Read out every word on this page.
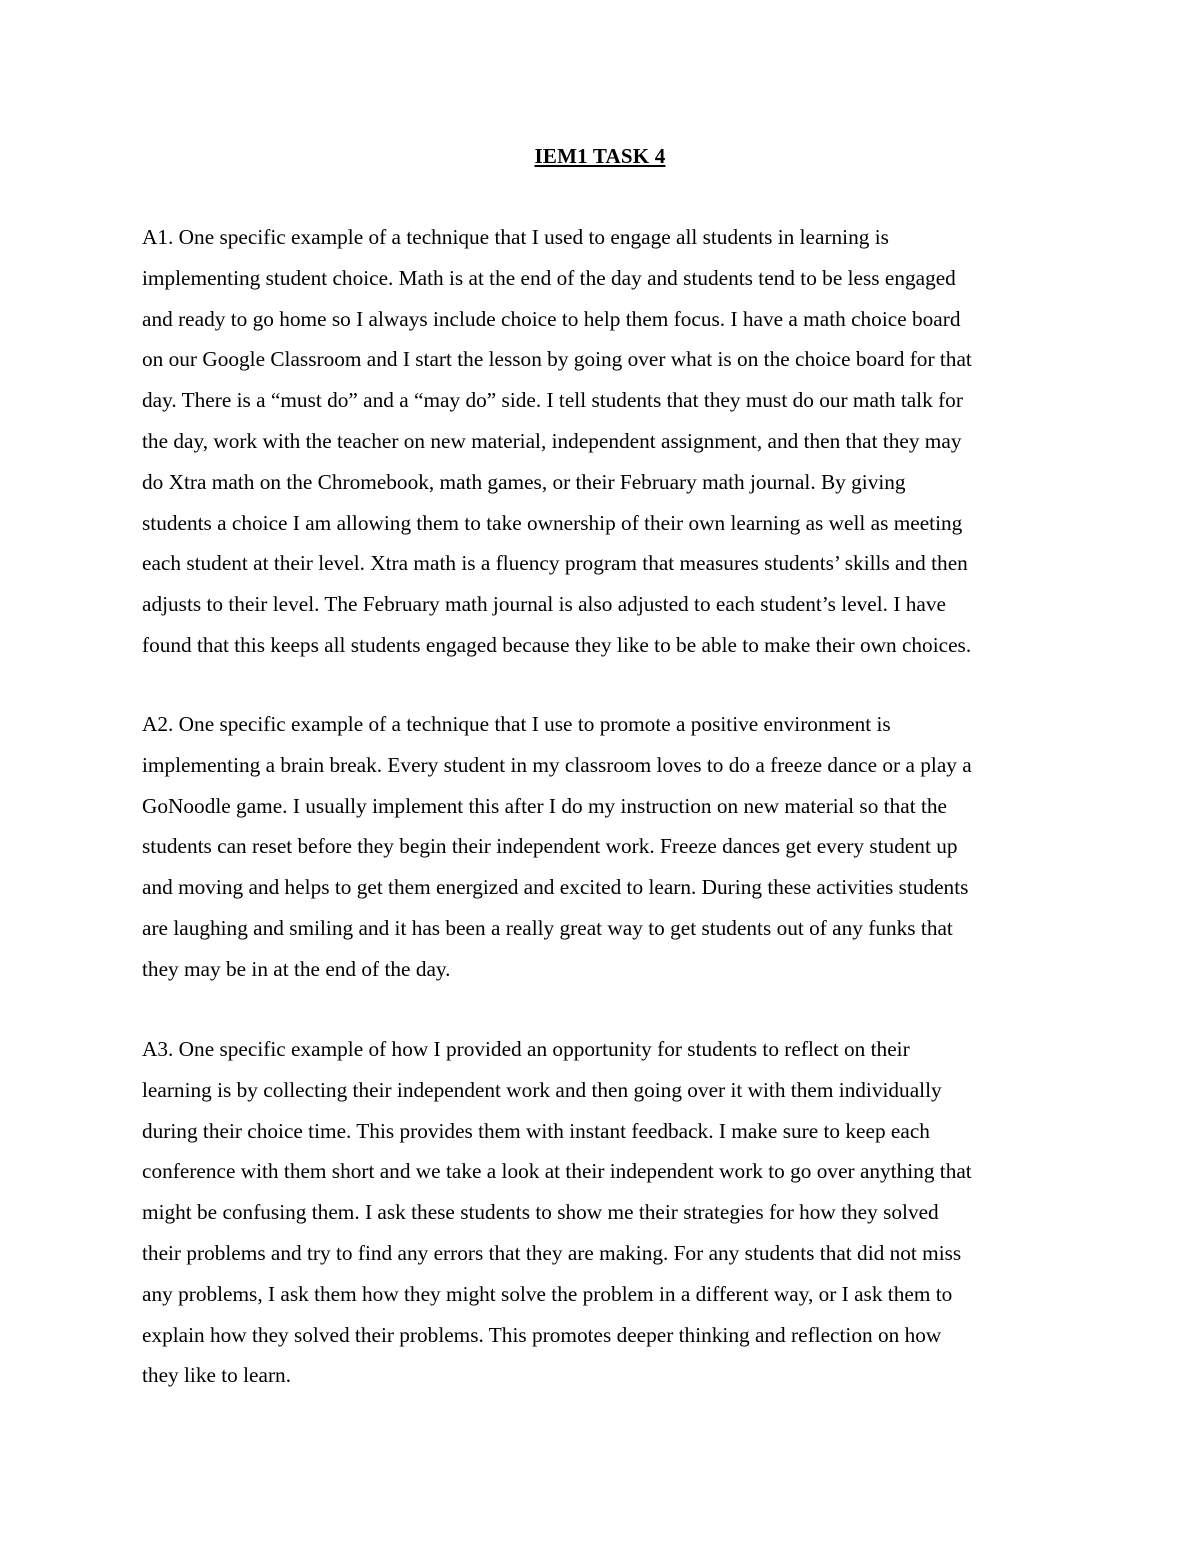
IEM1 TASK 4
A1. One specific example of a technique that I used to engage all students in learning is
implementing student choice. Math is at the end of the day and students tend to be less engaged
and ready to go home so I always include choice to help them focus. I have a math choice board
on our Google Classroom and I start the lesson by going over what is on the choice board for that
day. There is a “must do” and a “may do” side. I tell students that they must do our math talk for
the day, work with the teacher on new material, independent assignment, and then that they may
do Xtra math on the Chromebook, math games, or their February math journal. By giving
students a choice I am allowing them to take ownership of their own learning as well as meeting
each student at their level. Xtra math is a fluency program that measures students’ skills and then
adjusts to their level. The February math journal is also adjusted to each student’s level. I have
found that this keeps all students engaged because they like to be able to make their own choices.
A2. One specific example of a technique that I use to promote a positive environment is
implementing a brain break. Every student in my classroom loves to do a freeze dance or a play a
GoNoodle game. I usually implement this after I do my instruction on new material so that the
students can reset before they begin their independent work. Freeze dances get every student up
and moving and helps to get them energized and excited to learn. During these activities students
are laughing and smiling and it has been a really great way to get students out of any funks that
they may be in at the end of the day.
A3. One specific example of how I provided an opportunity for students to reflect on their
learning is by collecting their independent work and then going over it with them individually
during their choice time. This provides them with instant feedback. I make sure to keep each
conference with them short and we take a look at their independent work to go over anything that
might be confusing them. I ask these students to show me their strategies for how they solved
their problems and try to find any errors that they are making. For any students that did not miss
any problems, I ask them how they might solve the problem in a different way, or I ask them to
explain how they solved their problems. This promotes deeper thinking and reflection on how
they like to learn.
